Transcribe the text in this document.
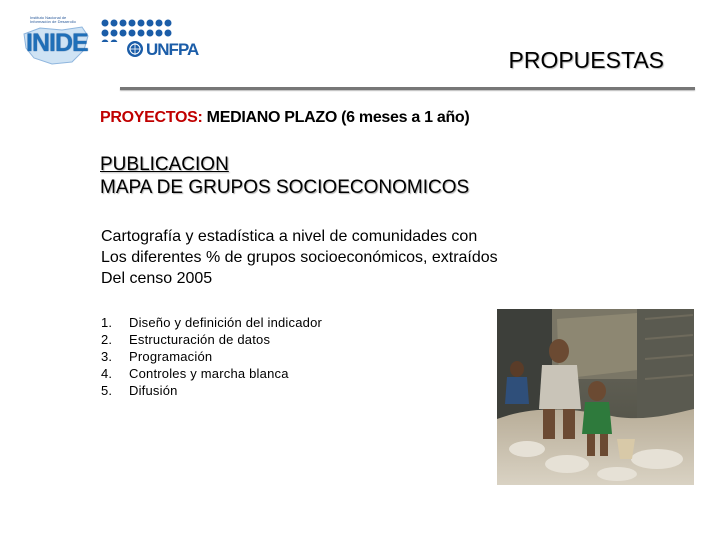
Instituto Nacional de Información de Desarrollo
INIDE	UNFPA	PROPUESTAS
PROYECTOS: MEDIANO PLAZO (6 meses a 1 año)
PUBLICACION
MAPA DE GRUPOS SOCIOECONOMICOS
Cartografía y estadística a nivel de comunidades con
Los diferentes % de grupos socioeconómicos, extraídos
Del censo 2005
1.	Diseño y definición del indicador
2.	Estructuración de datos
3.	Programación
4.	Controles y marcha blanca
5.	Difusión
